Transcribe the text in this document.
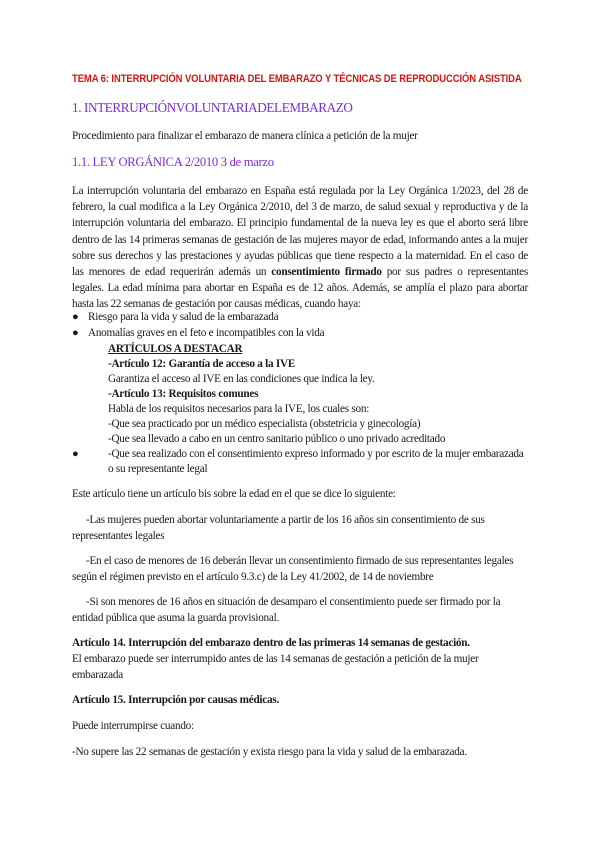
TEMA 6: INTERRUPCIÓN VOLUNTARIA DEL EMBARAZO Y TÉCNICAS DE REPRODUCCIÓN ASISTIDA
1. INTERRUPCIÓNVOLUNTARIADELEMBARAZO
Procedimiento para finalizar el embarazo de manera clínica a petición de la mujer
1.1. LEY ORGÁNICA 2/2010 3 de marzo
La interrupción voluntaria del embarazo en España está regulada por la Ley Orgánica 1/2023, del 28 de febrero, la cual modifica a la Ley Orgánica 2/2010, del 3 de marzo, de salud sexual y reproductiva y de la interrupción voluntaria del embarazo. El principio fundamental de la nueva ley es que el aborto será libre dentro de las 14 primeras semanas de gestación de las mujeres mayor de edad, informando antes a la mujer sobre sus derechos y las prestaciones y ayudas públicas que tiene respecto a la maternidad. En el caso de las menores de edad requerirán además un consentimiento firmado por sus padres o representantes legales. La edad mínima para abortar en España es de 12 años. Además, se amplía el plazo para abortar hasta las 22 semanas de gestación por causas médicas, cuando haya:
● Riesgo para la vida y salud de la embarazada
● Anomalías graves en el feto e incompatibles con la vida
ARTÍCULOS A DESTACAR
-Artículo 12: Garantía de acceso a la IVE
Garantiza el acceso al IVE en las condiciones que indica la ley.
-Artículo 13: Requisitos comunes
Habla de los requisitos necesarios para la IVE, los cuales son:
-Que sea practicado por un médico especialista (obstetricia y ginecología)
-Que sea llevado a cabo en un centro sanitario público o uno privado acreditado
●	-Que sea realizado con el consentimiento expreso informado y por escrito de la mujer embarazada o su representante legal
Este artículo tiene un artículo bis sobre la edad en el que se dice lo siguiente:
-Las mujeres pueden abortar voluntariamente a partir de los 16 años sin consentimiento de sus representantes legales
-En el caso de menores de 16 deberán llevar un consentimiento firmado de sus representantes legales según el régimen previsto en el artículo 9.3.c) de la Ley 41/2002, de 14 de noviembre
-Si son menores de 16 años en situación de desamparo el consentimiento puede ser firmado por la entidad pública que asuma la guarda provisional.
Artículo 14. Interrupción del embarazo dentro de las primeras 14 semanas de gestación.
El embarazo puede ser interrumpido antes de las 14 semanas de gestación a petición de la mujer embarazada
Artículo 15. Interrupción por causas médicas.
Puede interrumpirse cuando:
-No supere las 22 semanas de gestación y exista riesgo para la vida y salud de la embarazada.
